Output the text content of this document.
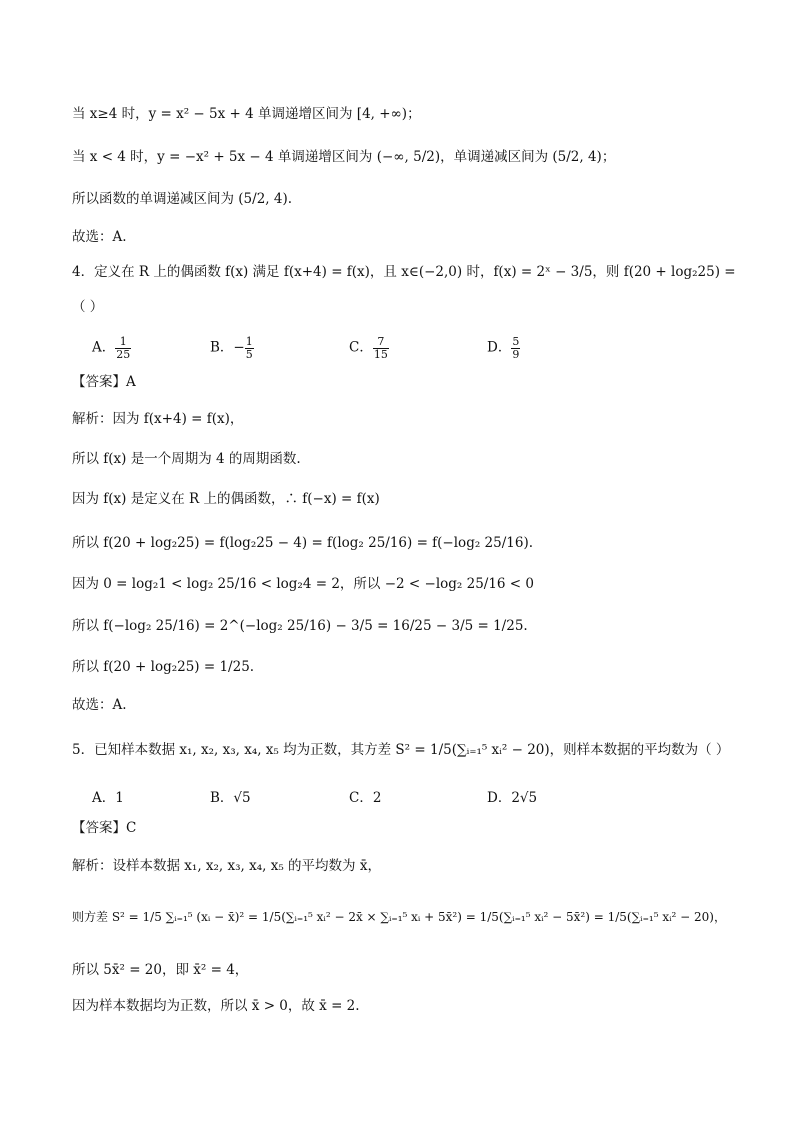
当 x≥4 时，y = x² − 5x + 4 单调递增区间为 [4, +∞)；
当 x < 4 时，y = −x² + 5x − 4 单调递增区间为 (−∞, 5/2)，单调递减区间为 (5/2, 4)；
所以函数的单调递减区间为 (5/2, 4).
故选：A.
4．定义在 R 上的偶函数 f(x) 满足 f(x+4) = f(x)，且 x∈(−2,0) 时，f(x) = 2ˣ − 3/5，则 f(20 + log₂25) =
（ ）
A． $\frac{1}{25}$	B．− $\frac{1}{5}$	C． $\frac{7}{15}$	D． $\frac{5}{9}$
【答案】A
解析：因为 f(x+4) = f(x)，
所以 f(x) 是一个周期为 4 的周期函数.
因为 f(x) 是定义在 R 上的偶函数，∴ f(−x) = f(x)
所以 f(20 + log₂25) = f(log₂25 − 4) = f(log₂ 25/16) = f(−log₂ 25/16).
因为 0 = log₂1 < log₂ 25/16 < log₂4 = 2，所以 −2 < −log₂ 25/16 < 0
所以 f(−log₂ 25/16) = 2^(−log₂ 25/16) − 3/5 = 16/25 − 3/5 = 1/25.
所以 f(20 + log₂25) = 1/25.
故选：A.
5．已知样本数据 x₁, x₂, x₃, x₄, x₅ 均为正数，其方差 S² = 1/5(∑ᵢ₌₁⁵ xᵢ² − 20)，则样本数据的平均数为（ ）
A．1	B．√5	C．2	D．2√5
【答案】C
解析：设样本数据 x₁, x₂, x₃, x₄, x₅ 的平均数为 x̄，
则方差 S² = 1/5 ∑ᵢ₌₁⁵ (xᵢ − x̄)² = 1/5(∑ᵢ₌₁⁵ xᵢ² − 2x̄ × ∑ᵢ₌₁⁵ xᵢ + 5x̄²) = 1/5(∑ᵢ₌₁⁵ xᵢ² − 5x̄²) = 1/5(∑ᵢ₌₁⁵ xᵢ² − 20)，
所以 5x̄² = 20，即 x̄² = 4，
因为样本数据均为正数，所以 x̄ > 0，故 x̄ = 2.
